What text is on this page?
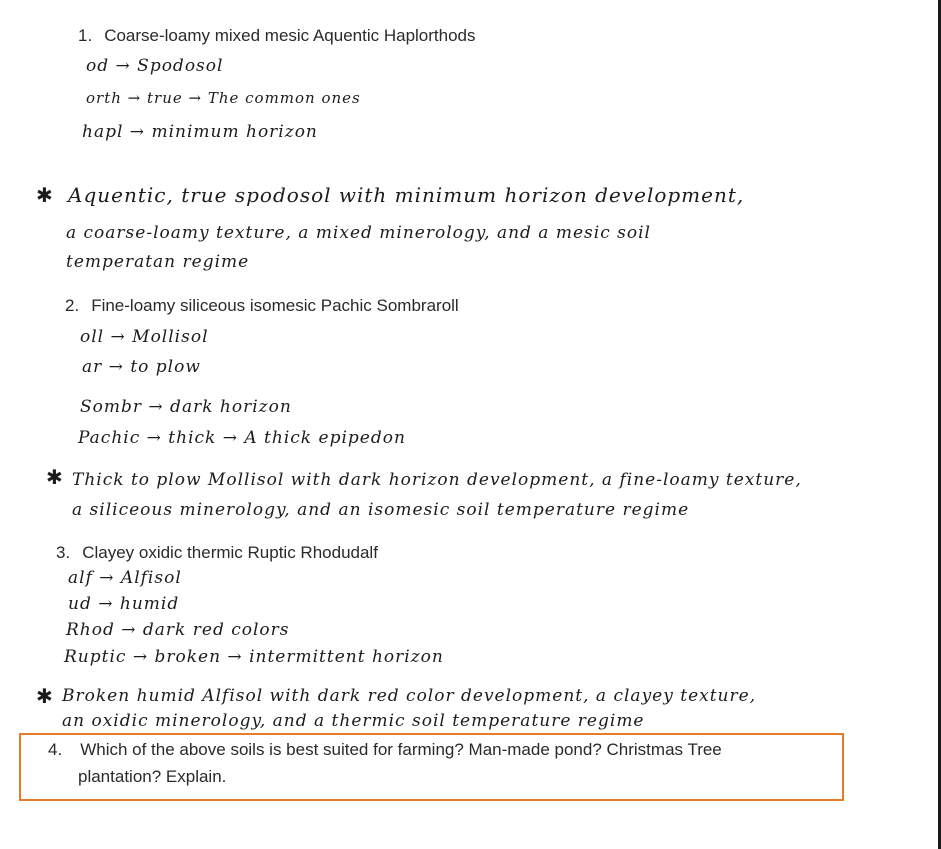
1. Coarse-loamy mixed mesic Aquentic Haplorthods
od → Spodosol
orth → true → The common ones
hapl → minimum horizon
✱ Aquentic, true spodosol with minimum horizon development,
a coarse-loamy texture, a mixed minerology, and a mesic soil
temperatan regime
2. Fine-loamy siliceous isomesic Pachic Sombraroll
oll → Mollisol
ar → to plow
Sombr → dark horizon
Pachic → thick → A thick epipedon
✱ Thick to plow Mollisol with dark horizon development, a fine-loamy texture,
a siliceous minerology, and an isomesic soil temperature regime
3. Clayey oxidic thermic Ruptic Rhodudalf
alf → Alfisol
ud → humid
Rhod → dark red colors
Ruptic → broken → intermittent horizon
✱ Broken humid Alfisol with dark red color development, a clayey texture,
an oxidic minerology, and a thermic soil temperature regime
4. Which of the above soils is best suited for farming? Man-made pond? Christmas Tree
plantation? Explain.
